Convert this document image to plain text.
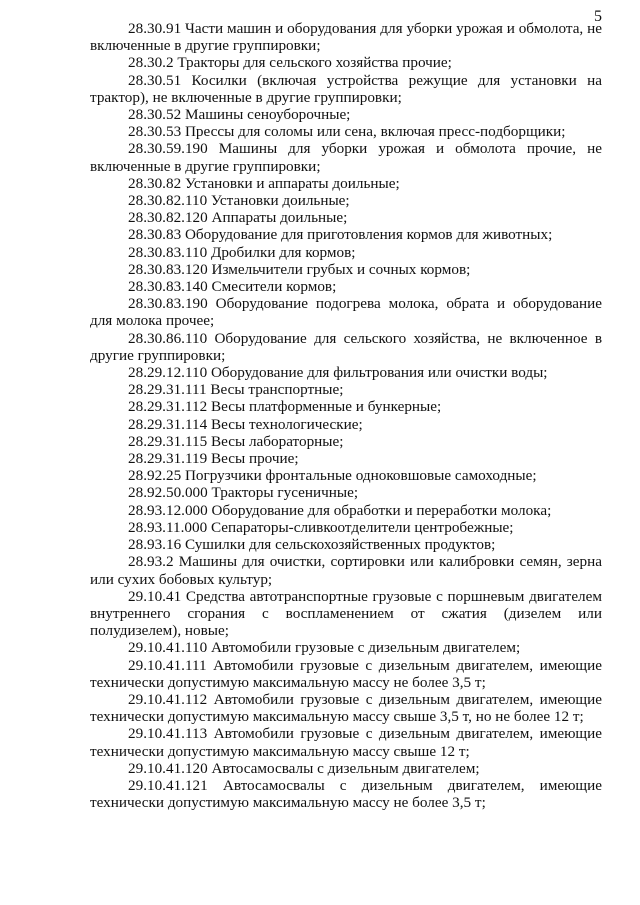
5

28.30.91 Части машин и оборудования для уборки урожая и обмолота, не включенные в другие группировки;

28.30.2 Тракторы для сельского хозяйства прочие;

28.30.51 Косилки (включая устройства режущие для установки на трактор), не включенные в другие группировки;

28.30.52 Машины сеноуборочные;

28.30.53 Прессы для соломы или сена, включая пресс-подборщики;

28.30.59.190 Машины для уборки урожая и обмолота прочие, не включенные в другие группировки;

28.30.82 Установки и аппараты доильные;

28.30.82.110 Установки доильные;

28.30.82.120 Аппараты доильные;

28.30.83 Оборудование для приготовления кормов для животных;

28.30.83.110 Дробилки для кормов;

28.30.83.120 Измельчители грубых и сочных кормов;

28.30.83.140 Смесители кормов;

28.30.83.190 Оборудование подогрева молока, обрата и оборудование для молока прочее;

28.30.86.110 Оборудование для сельского хозяйства, не включенное в другие группировки;

28.29.12.110 Оборудование для фильтрования или очистки воды;

28.29.31.111 Весы транспортные;

28.29.31.112 Весы платформенные и бункерные;

28.29.31.114 Весы технологические;

28.29.31.115 Весы лабораторные;

28.29.31.119 Весы прочие;

28.92.25 Погрузчики фронтальные одноковшовые самоходные;

28.92.50.000 Тракторы гусеничные;

28.93.12.000 Оборудование для обработки и переработки молока;

28.93.11.000 Сепараторы-сливкоотделители центробежные;

28.93.16 Сушилки для сельскохозяйственных продуктов;

28.93.2 Машины для очистки, сортировки или калибровки семян, зерна или сухих бобовых культур;

29.10.41 Средства автотранспортные грузовые с поршневым двигателем внутреннего сгорания с воспламенением от сжатия (дизелем или полудизелем), новые;

29.10.41.110 Автомобили грузовые с дизельным двигателем;

29.10.41.111 Автомобили грузовые с дизельным двигателем, имеющие технически допустимую максимальную массу не более 3,5 т;

29.10.41.112 Автомобили грузовые с дизельным двигателем, имеющие технически допустимую максимальную массу свыше 3,5 т, но не более 12 т;

29.10.41.113 Автомобили грузовые с дизельным двигателем, имеющие технически допустимую максимальную массу свыше 12 т;

29.10.41.120 Автосамосвалы с дизельным двигателем;

29.10.41.121 Автосамосвалы с дизельным двигателем, имеющие технически допустимую максимальную массу не более 3,5 т;
